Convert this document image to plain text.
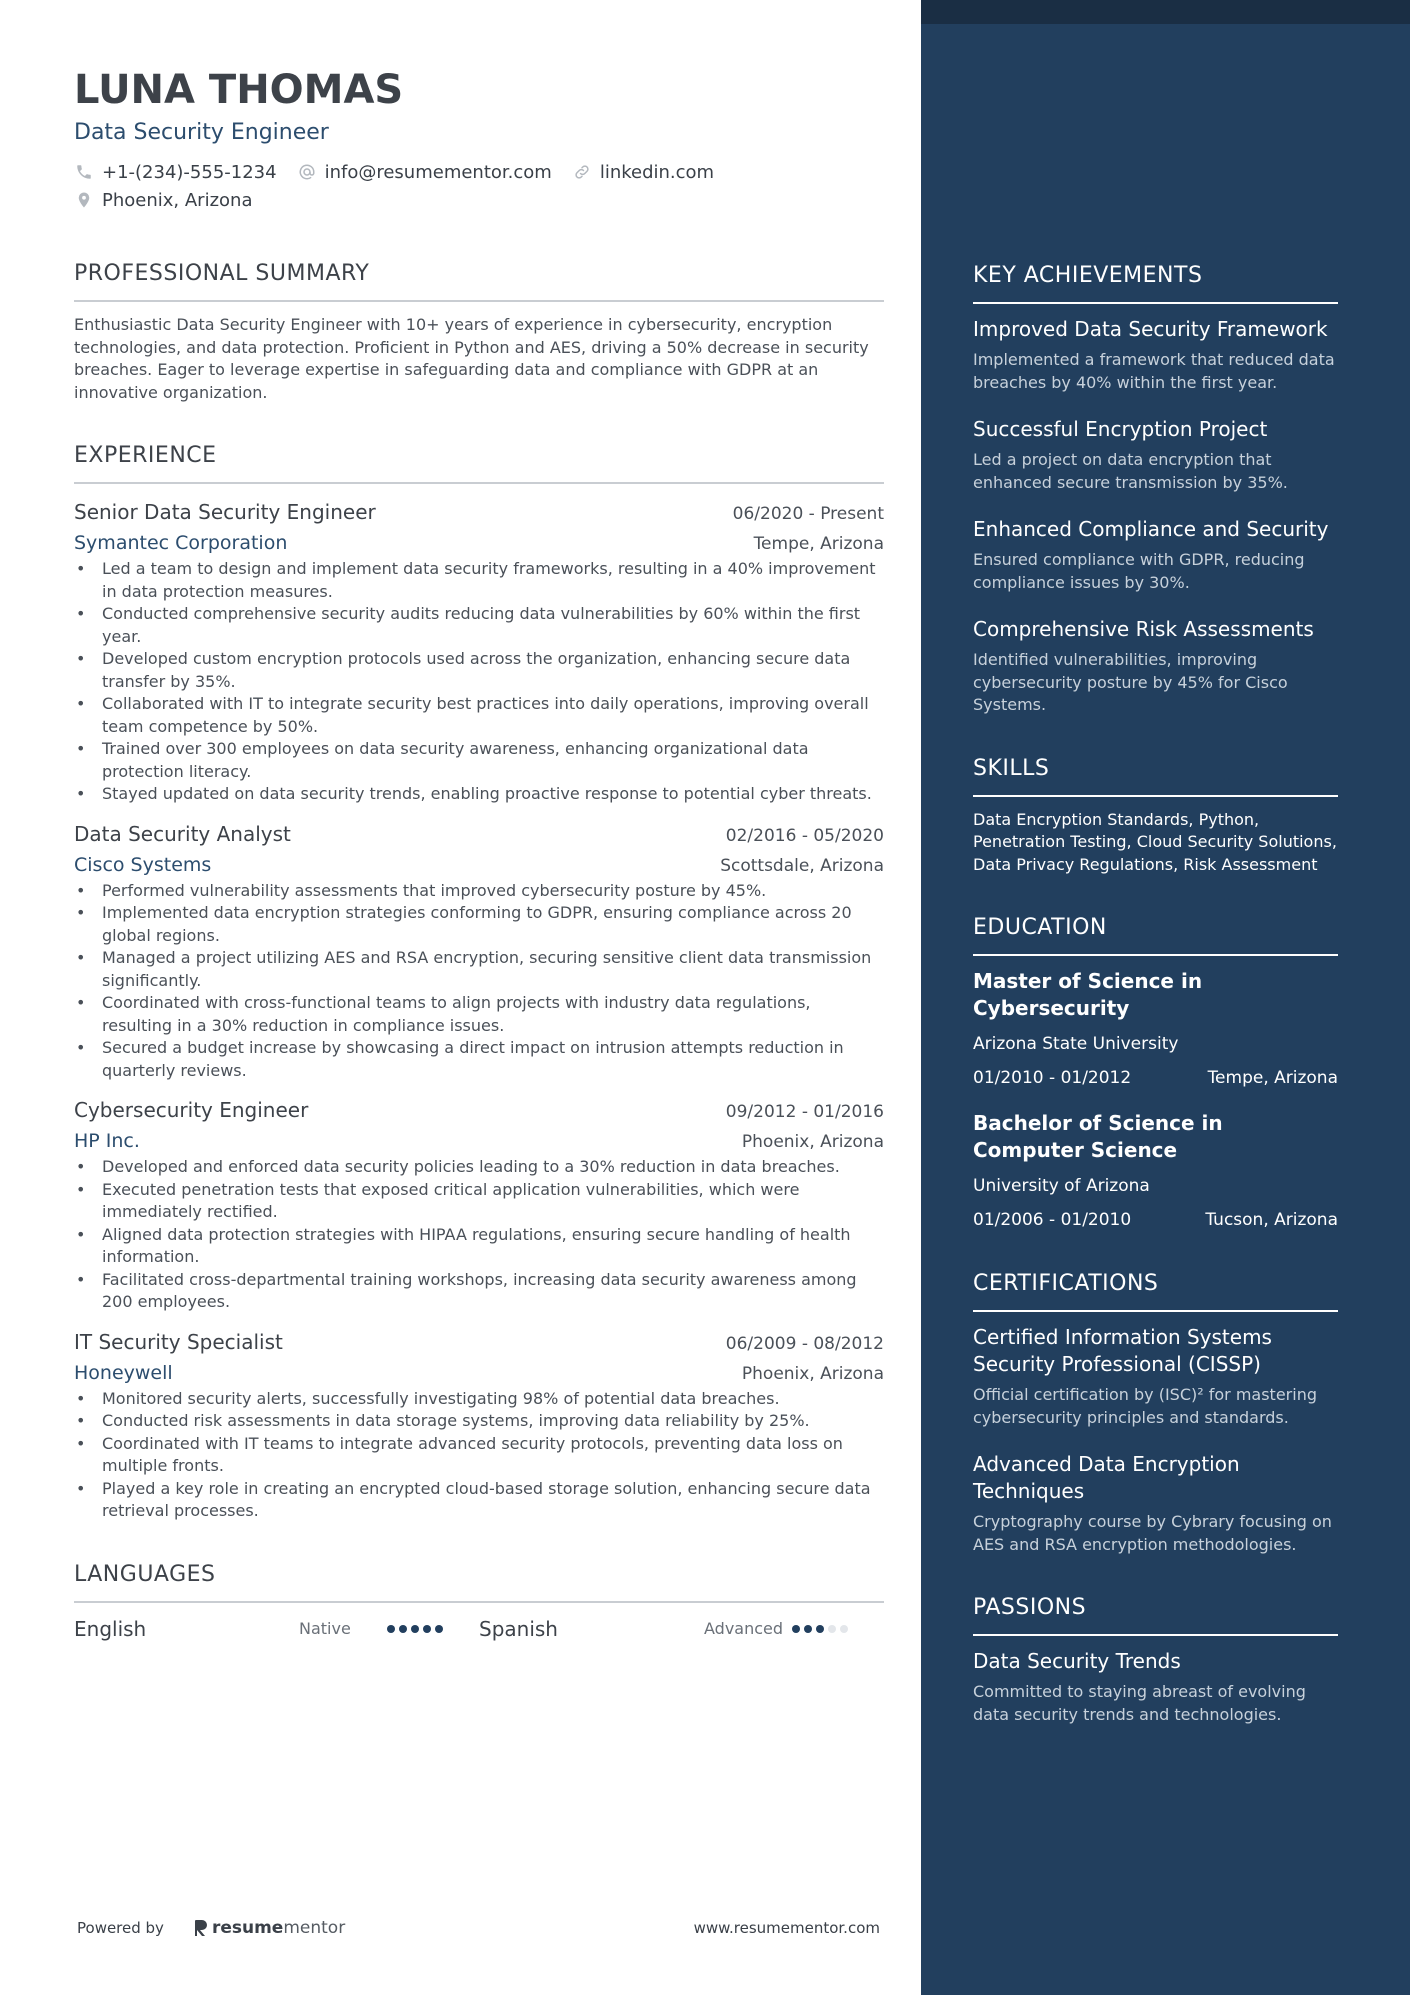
LUNA THOMAS
Data Security Engineer
+1-(234)-555-1234	info@resumementor.com	linkedin.com
Phoenix, Arizona
PROFESSIONAL SUMMARY
Enthusiastic Data Security Engineer with 10+ years of experience in cybersecurity, encryption technologies, and data protection. Proficient in Python and AES, driving a 50% decrease in security breaches. Eager to leverage expertise in safeguarding data and compliance with GDPR at an innovative organization.
EXPERIENCE
Senior Data Security Engineer	06/2020 - Present
Symantec Corporation	Tempe, Arizona
• Led a team to design and implement data security frameworks, resulting in a 40% improvement in data protection measures.
• Conducted comprehensive security audits reducing data vulnerabilities by 60% within the first year.
• Developed custom encryption protocols used across the organization, enhancing secure data transfer by 35%.
• Collaborated with IT to integrate security best practices into daily operations, improving overall team competence by 50%.
• Trained over 300 employees on data security awareness, enhancing organizational data protection literacy.
• Stayed updated on data security trends, enabling proactive response to potential cyber threats.
Data Security Analyst	02/2016 - 05/2020
Cisco Systems	Scottsdale, Arizona
• Performed vulnerability assessments that improved cybersecurity posture by 45%.
• Implemented data encryption strategies conforming to GDPR, ensuring compliance across 20 global regions.
• Managed a project utilizing AES and RSA encryption, securing sensitive client data transmission significantly.
• Coordinated with cross-functional teams to align projects with industry data regulations, resulting in a 30% reduction in compliance issues.
• Secured a budget increase by showcasing a direct impact on intrusion attempts reduction in quarterly reviews.
Cybersecurity Engineer	09/2012 - 01/2016
HP Inc.	Phoenix, Arizona
• Developed and enforced data security policies leading to a 30% reduction in data breaches.
• Executed penetration tests that exposed critical application vulnerabilities, which were immediately rectified.
• Aligned data protection strategies with HIPAA regulations, ensuring secure handling of health information.
• Facilitated cross-departmental training workshops, increasing data security awareness among 200 employees.
IT Security Specialist	06/2009 - 08/2012
Honeywell	Phoenix, Arizona
• Monitored security alerts, successfully investigating 98% of potential data breaches.
• Conducted risk assessments in data storage systems, improving data reliability by 25%.
• Coordinated with IT teams to integrate advanced security protocols, preventing data loss on multiple fronts.
• Played a key role in creating an encrypted cloud-based storage solution, enhancing secure data retrieval processes.
LANGUAGES
English	Native	Spanish	Advanced
Powered by	resume mentor	www.resumementor.com
KEY ACHIEVEMENTS
Improved Data Security Framework
Implemented a framework that reduced data breaches by 40% within the first year.
Successful Encryption Project
Led a project on data encryption that enhanced secure transmission by 35%.
Enhanced Compliance and Security
Ensured compliance with GDPR, reducing compliance issues by 30%.
Comprehensive Risk Assessments
Identified vulnerabilities, improving cybersecurity posture by 45% for Cisco Systems.
SKILLS
Data Encryption Standards, Python, Penetration Testing, Cloud Security Solutions, Data Privacy Regulations, Risk Assessment
EDUCATION
Master of Science in Cybersecurity
Arizona State University
01/2010 - 01/2012	Tempe, Arizona
Bachelor of Science in Computer Science
University of Arizona
01/2006 - 01/2010	Tucson, Arizona
CERTIFICATIONS
Certified Information Systems Security Professional (CISSP)
Official certification by (ISC)² for mastering cybersecurity principles and standards.
Advanced Data Encryption Techniques
Cryptography course by Cybrary focusing on AES and RSA encryption methodologies.
PASSIONS
Data Security Trends
Committed to staying abreast of evolving data security trends and technologies.
